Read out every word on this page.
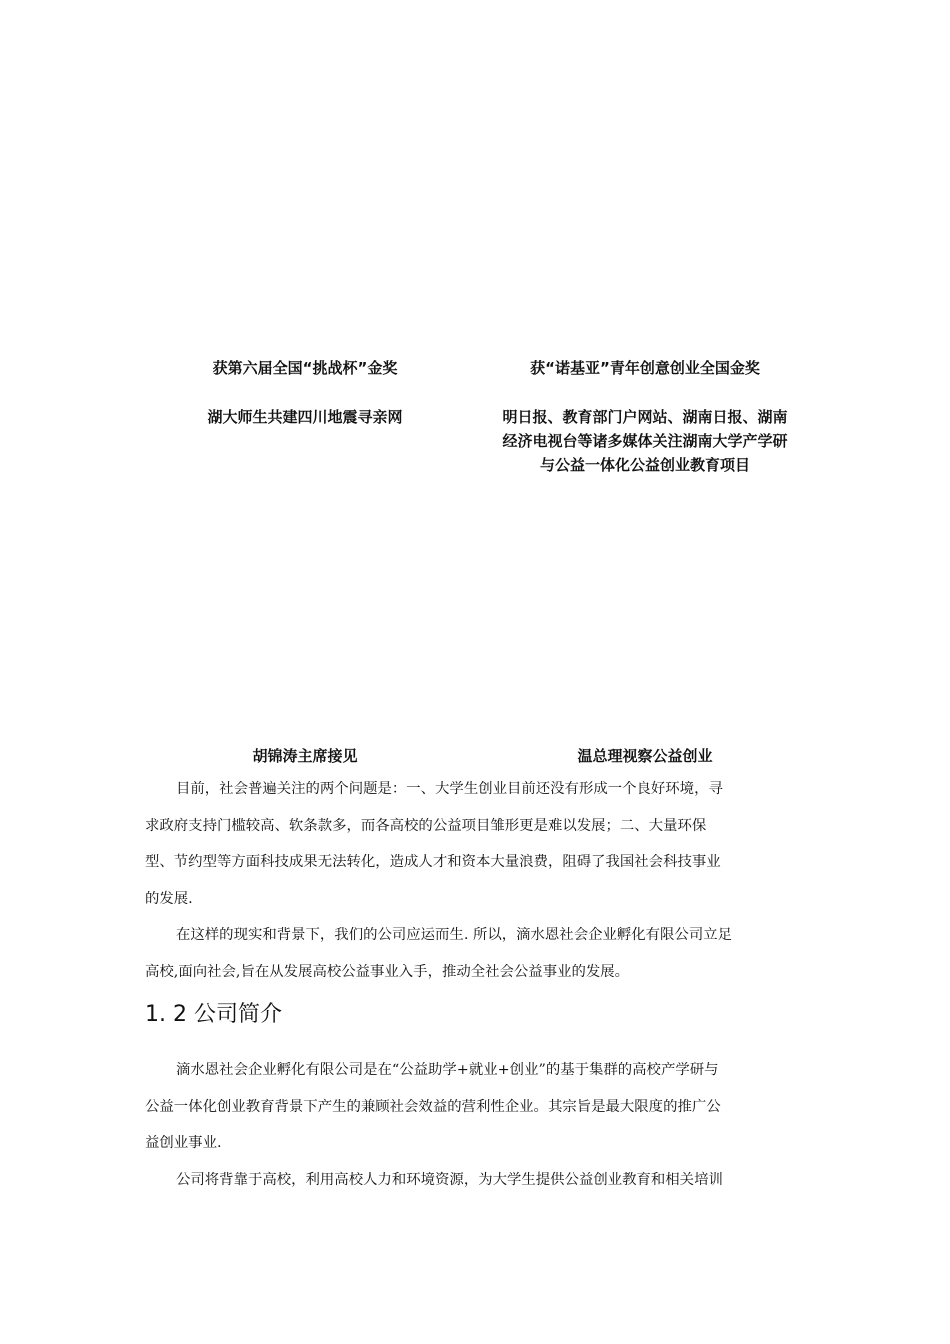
获第六届全国“挑战杯”金奖	获“诺基亚”青年创意创业全国金奖
湖大师生共建四川地震寻亲网	明日报、教育部门户网站、湖南日报、湖南
经济电视台等诸多媒体关注湖南大学产学研
与公益一体化公益创业教育项目
胡锦涛主席接见	温总理视察公益创业

目前，社会普遍关注的两个问题是：一、大学生创业目前还没有形成一个良好环境，寻
求政府支持门槛较高、软条款多，而各高校的公益项目雏形更是难以发展；二、大量环保
型、节约型等方面科技成果无法转化，造成人才和资本大量浪费，阻碍了我国社会科技事业
的发展.

在这样的现实和背景下，我们的公司应运而生. 所以，滴水恩社会企业孵化有限公司立足
高校,面向社会,旨在从发展高校公益事业入手，推动全社会公益事业的发展。

1. 2 公司简介

滴水恩社会企业孵化有限公司是在“公益助学+就业+创业”的基于集群的高校产学研与
公益一体化创业教育背景下产生的兼顾社会效益的营利性企业。其宗旨是最大限度的推广公
益创业事业.

公司将背靠于高校，利用高校人力和环境资源，为大学生提供公益创业教育和相关培训
